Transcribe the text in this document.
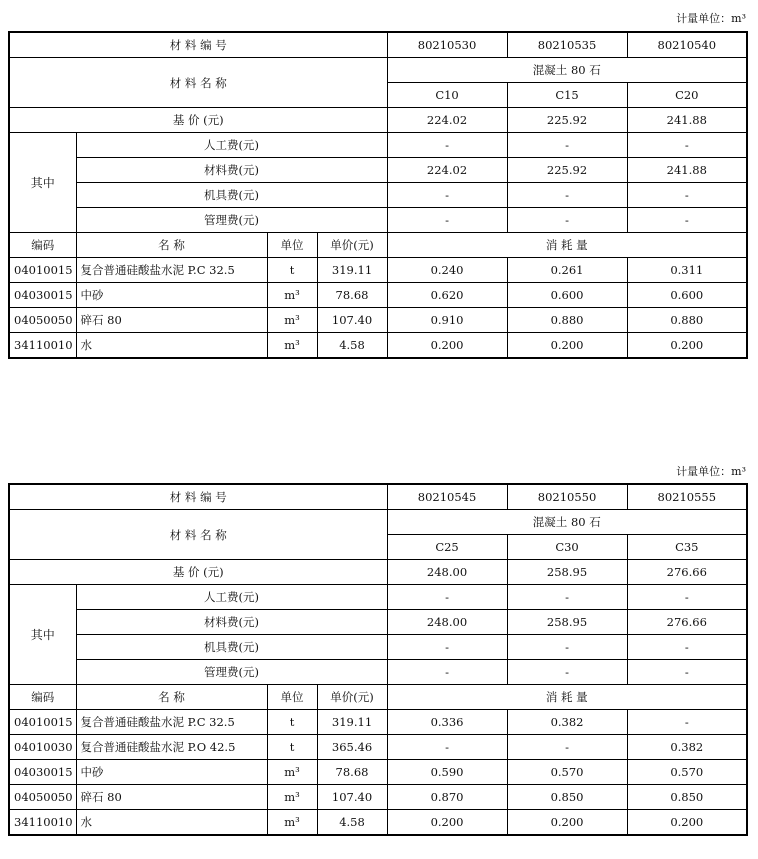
计量单位：m³
材 料 编 号				80210530	80210535	80210540
材 料 名 称				混凝土 80 石		
				C10	C15	C20
基 价 (元)				224.02	225.92	241.88
其中	人工费(元)			-	-	-
	材料费(元)			224.02	225.92	241.88
	机具费(元)			-	-	-
	管理费(元)			-	-	-
编码	名 称	单位	单价(元)	消 耗 量		
04010015	复合普通硅酸盐水泥 P.C 32.5	t	319.11	0.240	0.261	0.311
04030015	中砂	m³	78.68	0.620	0.600	0.600
04050050	碎石 80	m³	107.40	0.910	0.880	0.880
34110010	水	m³	4.58	0.200	0.200	0.200
计量单位：m³
材 料 编 号				80210545	80210550	80210555
材 料 名 称				混凝土 80 石		
				C25	C30	C35
基 价 (元)				248.00	258.95	276.66
其中	人工费(元)			-	-	-
	材料费(元)			248.00	258.95	276.66
	机具费(元)			-	-	-
	管理费(元)			-	-	-
编码	名 称	单位	单价(元)	消 耗 量		
04010015	复合普通硅酸盐水泥 P.C 32.5	t	319.11	0.336	0.382	-
04010030	复合普通硅酸盐水泥 P.O 42.5	t	365.46	-	-	0.382
04030015	中砂	m³	78.68	0.590	0.570	0.570
04050050	碎石 80	m³	107.40	0.870	0.850	0.850
34110010	水	m³	4.58	0.200	0.200	0.200
